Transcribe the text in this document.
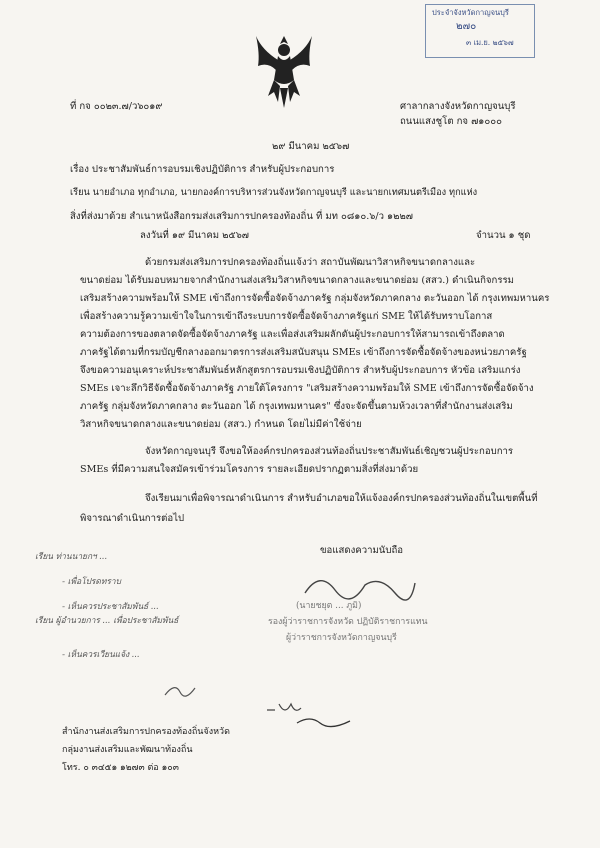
ประจำจังหวัดกาญจนบุรี
๒๗๐
๓ เม.ย. ๒๕๖๗
ที่ กจ ๐๐๒๓.๗/ว๖๐๑๙	ศาลากลางจังหวัดกาญจนบุรี
ถนนแสงชูโต กจ ๗๑๐๐๐
๒๙ มีนาคม ๒๕๖๗
เรื่อง ประชาสัมพันธ์การอบรมเชิงปฏิบัติการ สำหรับผู้ประกอบการ
เรียน นายอำเภอ ทุกอำเภอ, นายกองค์การบริหารส่วนจังหวัดกาญจนบุรี และนายกเทศมนตรีเมือง ทุกแห่ง
สิ่งที่ส่งมาด้วย สำเนาหนังสือกรมส่งเสริมการปกครองท้องถิ่น ที่ มท ๐๘๑๐.๖/ว ๑๒๒๗
ลงวันที่ ๑๙ มีนาคม ๒๕๖๗	จำนวน ๑ ชุด
ด้วยกรมส่งเสริมการปกครองท้องถิ่นแจ้งว่า สถาบันพัฒนาวิสาหกิจขนาดกลางและ
ขนาดย่อม ได้รับมอบหมายจากสำนักงานส่งเสริมวิสาหกิจขนาดกลางและขนาดย่อม (สสว.) ดำเนินกิจกรรม
เสริมสร้างความพร้อมให้ SME เข้าถึงการจัดซื้อจัดจ้างภาครัฐ กลุ่มจังหวัดภาคกลาง ตะวันออก ได้ กรุงเทพมหานคร
เพื่อสร้างความรู้ความเข้าใจในการเข้าถึงระบบการจัดซื้อจัดจ้างภาครัฐแก่ SME ให้ได้รับทราบโอกาส
ความต้องการของตลาดจัดซื้อจัดจ้างภาครัฐ และเพื่อส่งเสริมผลักดันผู้ประกอบการให้สามารถเข้าถึงตลาด
ภาครัฐได้ตามที่กรมบัญชีกลางออกมาตรการส่งเสริมสนับสนุน SMEs เข้าถึงการจัดซื้อจัดจ้างของหน่วยภาครัฐ
จึงขอความอนุเคราะห์ประชาสัมพันธ์หลักสูตรการอบรมเชิงปฏิบัติการ สำหรับผู้ประกอบการ หัวข้อ เสริมแกร่ง
SMEs เจาะลึกวิธีจัดซื้อจัดจ้างภาครัฐ ภายใต้โครงการ "เสริมสร้างความพร้อมให้ SME เข้าถึงการจัดซื้อจัดจ้าง
ภาครัฐ กลุ่มจังหวัดภาคกลาง ตะวันออก ได้ กรุงเทพมหานคร" ซึ่งจะจัดขึ้นตามห้วงเวลาที่สำนักงานส่งเสริม
วิสาหกิจขนาดกลางและขนาดย่อม (สสว.) กำหนด โดยไม่มีค่าใช้จ่าย
จังหวัดกาญจนบุรี จึงขอให้องค์กรปกครองส่วนท้องถิ่นประชาสัมพันธ์เชิญชวนผู้ประกอบการ
SMEs ที่มีความสนใจสมัครเข้าร่วมโครงการ รายละเอียดปรากฏตามสิ่งที่ส่งมาด้วย
จึงเรียนมาเพื่อพิจารณาดำเนินการ สำหรับอำเภอขอให้แจ้งองค์กรปกครองส่วนท้องถิ่นในเขตพื้นที่
พิจารณาดำเนินการต่อไป
ขอแสดงความนับถือ
(นายชยุต ... ภูมิ)
รองผู้ว่าราชการจังหวัด ปฏิบัติราชการแทน
ผู้ว่าราชการจังหวัดกาญจนบุรี
เรียน ท่านนายกฯ ...
- เพื่อโปรดทราบ
- เห็นควรประชาสัมพันธ์ ...
เรียน ผู้อำนวยการ ... เพื่อประชาสัมพันธ์
- เห็นควรเวียนแจ้ง ...
สำนักงานส่งเสริมการปกครองท้องถิ่นจังหวัด
กลุ่มงานส่งเสริมและพัฒนาท้องถิ่น
โทร. ๐ ๓๔๕๑ ๑๒๗๓ ต่อ ๑๐๓
